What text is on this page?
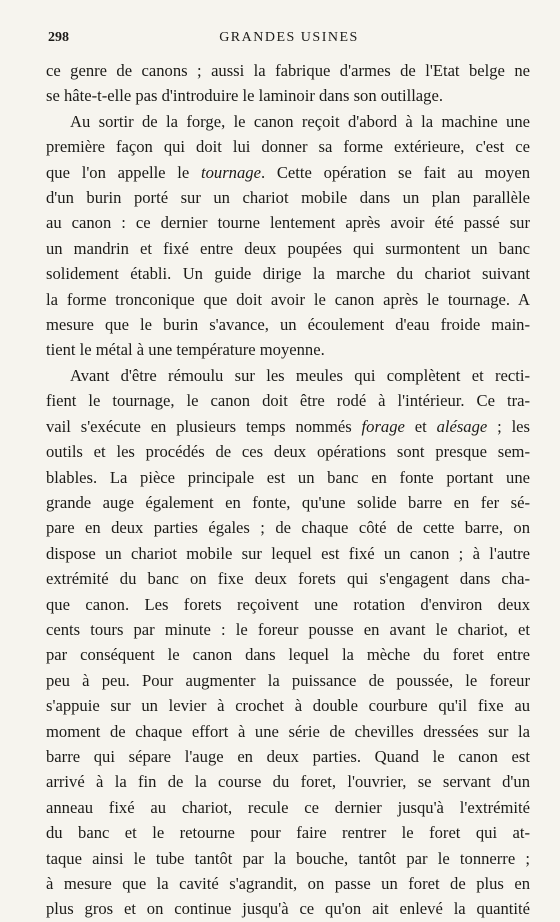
298	GRANDES USINES

ce genre de canons ; aussi la fabrique d'armes de l'Etat belge ne
se hâte-t-elle pas d'introduire le laminoir dans son outillage.

Au sortir de la forge, le canon reçoit d'abord à la machine une
première façon qui doit lui donner sa forme extérieure, c'est ce
que l'on appelle le tournage. Cette opération se fait au moyen
d'un burin porté sur un chariot mobile dans un plan parallèle
au canon : ce dernier tourne lentement après avoir été passé sur
un mandrin et fixé entre deux poupées qui surmontent un banc
solidement établi. Un guide dirige la marche du chariot suivant
la forme tronconique que doit avoir le canon après le tournage. A
mesure que le burin s'avance, un écoulement d'eau froide main-
tient le métal à une température moyenne.

Avant d'être rémoulu sur les meules qui complètent et recti-
fient le tournage, le canon doit être rodé à l'intérieur. Ce tra-
vail s'exécute en plusieurs temps nommés forage et alésage ; les
outils et les procédés de ces deux opérations sont presque sem-
blables. La pièce principale est un banc en fonte portant une
grande auge également en fonte, qu'une solide barre en fer sé-
pare en deux parties égales ; de chaque côté de cette barre, on
dispose un chariot mobile sur lequel est fixé un canon ; à l'autre
extrémité du banc on fixe deux forets qui s'engagent dans cha-
que canon. Les forets reçoivent une rotation d'environ deux
cents tours par minute : le foreur pousse en avant le chariot, et
par conséquent le canon dans lequel la mèche du foret entre
peu à peu. Pour augmenter la puissance de poussée, le foreur
s'appuie sur un levier à crochet à double courbure qu'il fixe au
moment de chaque effort à une série de chevilles dressées sur la
barre qui sépare l'auge en deux parties. Quand le canon est
arrivé à la fin de la course du foret, l'ouvrier, se servant d'un
anneau fixé au chariot, recule ce dernier jusqu'à l'extrémité
du banc et le retourne pour faire rentrer le foret qui at-
taque ainsi le tube tantôt par la bouche, tantôt par le tonnerre ;
à mesure que la cavité s'agrandit, on passe un foret de plus en
plus gros et on continue jusqu'à ce qu'on ait enlevé la quantité
